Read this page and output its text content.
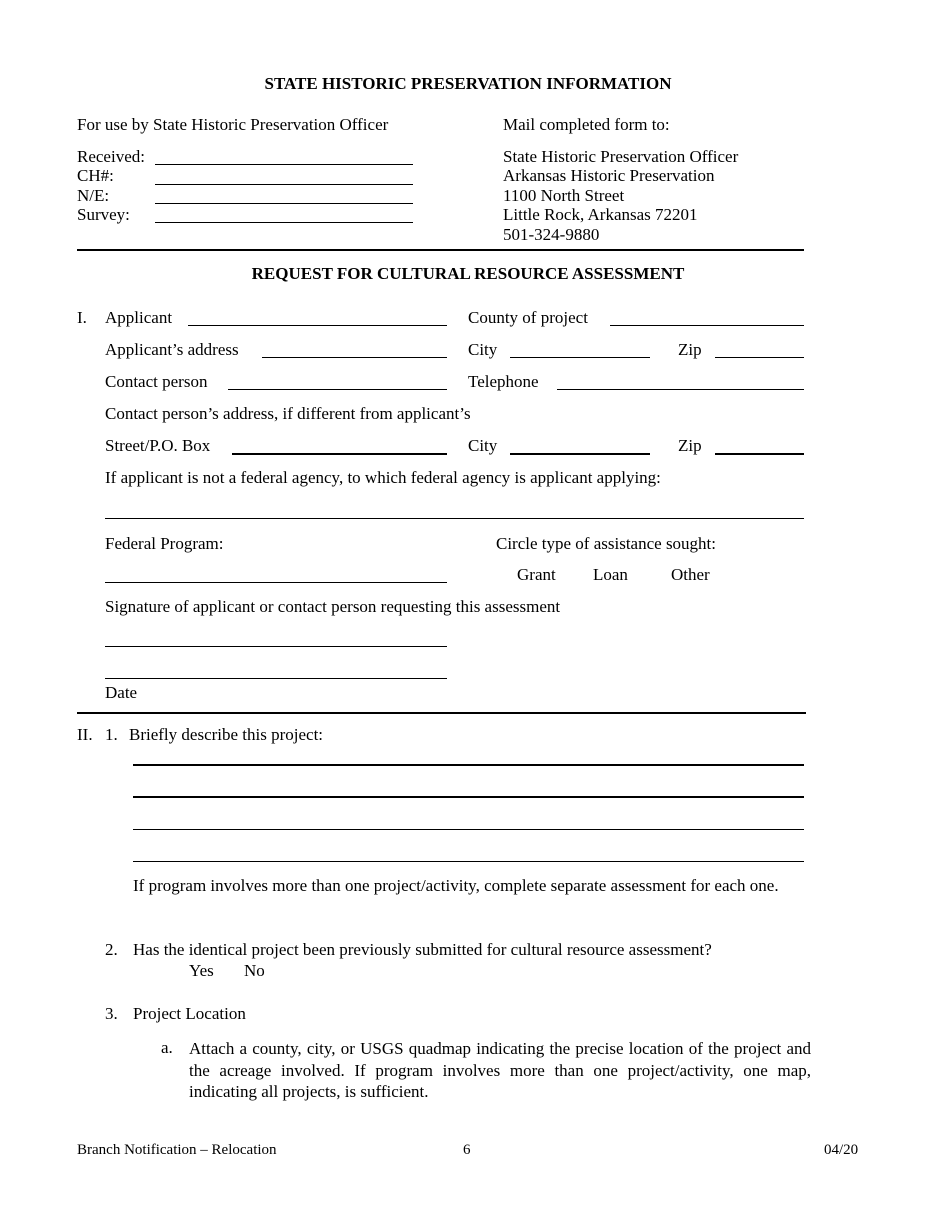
STATE HISTORIC PRESERVATION INFORMATION
For use by State Historic Preservation Officer
Received:
CH#:
N/E:
Survey:
Mail completed form to:
State Historic Preservation Officer
Arkansas Historic Preservation
1100 North Street
Little Rock, Arkansas 72201
501-324-9880
REQUEST FOR CULTURAL RESOURCE ASSESSMENT
I. Applicant	County of project
Applicant’s address	City	Zip
Contact person	Telephone
Contact person’s address, if different from applicant’s
Street/P.O. Box	City	Zip
If applicant is not a federal agency, to which federal agency is applicant applying:
Federal Program:	Circle type of assistance sought:
Grant Loan	Other
Signature of applicant or contact person requesting this assessment
Date
II. 1. Briefly describe this project:
If program involves more than one project/activity, complete separate assessment for each one.
2. Has the identical project been previously submitted for cultural resource assessment?
Yes No
3. Project Location
a. Attach a county, city, or USGS quadmap indicating the precise location of the project and the acreage involved. If program involves more than one project/activity, one map, indicating all projects, is sufficient.
Branch Notification – Relocation	6	04/20
